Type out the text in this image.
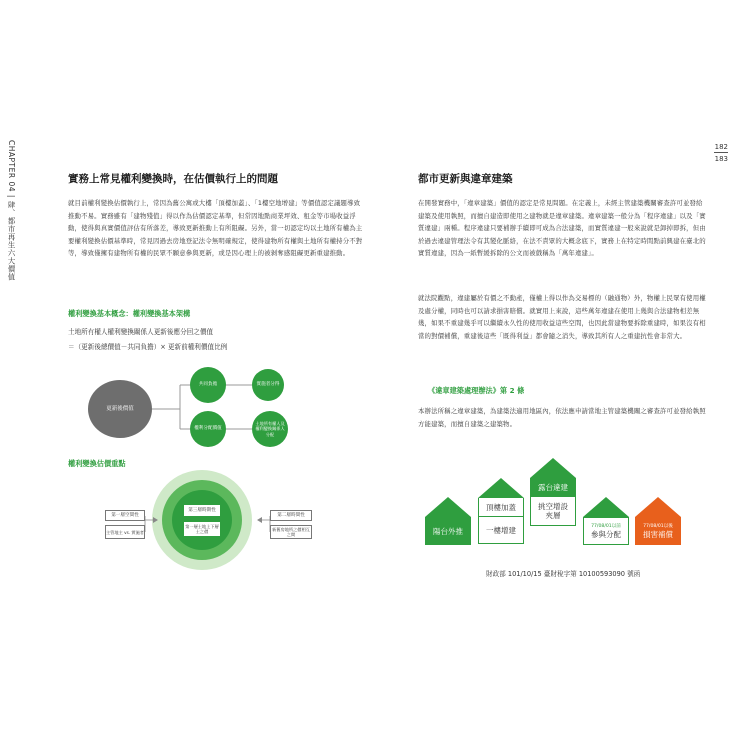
CHAPTER 04 | 肆、都市再生六大價值	182
183
實務上常見權利變換時，在估價執行上的問題
就目前權利變換估價執行上，常因為舊公寓或大樓「頂樓加蓋」、「1樓空地增建」等價值認定議題導致推動不易。實務雖有「建物殘值」得以作為估價認定基準，但常因地點商業坪效、租金等市場收益浮動，使得與真實價值評估有所落差，導致更新推動上有所阻礙。另外，當一切認定均以土地所有權為主要權利變換估價基準時，常見因過去房地登記法令無明確規定，使得建物所有權與土地所有權持分不對等，導致僅擁有建物所有權的民眾不願意參與更新，或是因心理上的被剝奪感阻礙更新重建推動。
權利變換基本概念：權利變換基本架構
土地所有權人權利變換關係人更新後應分回之價值
＝（更新後總價值－共同負擔）× 更新前權利價值比例
更新後價值
共同負擔
權利分配價值
實施者分得
土地所有權人及權利變換關係人分配
權利變換估價重點
第三層時期性
第一層土地上下層土之價
第一層空間性
主管地主 vs. 實施者
第二層時間性
新舊房地所之價相互之間
都市更新與違章建築
在開發實務中，「違章建築」價值的認定是常見問題。在定義上，未經主管建築機關審查許可並發給建築及使用執照，而擅自建造即使用之建物就是違章建築。違章建築一般分為「程序違建」以及「實質違建」兩種。程序違建只要補辦手續即可成為合法建築，而實質違建一般來說就是卸掉即拆，但由於過去違建管理法令有其變化脈絡，在法不責眾的大概念底下，實務上在特定時間點前興建在臺北的實質違建，因為一紙暫緩拆除的公文而被戲稱為「萬年違建」。
就法院觀點，違建屬於有價之不動產，僅權上得以作為交易標的（融通物）外，物權上民眾有使用權及處分權，同時也可以請求損害賠償。就實用上來說，這些萬年違建在使用上幾與合法建物相差無幾，如果不重建幾乎可以繼續永久性的使用收益這些空間，也因此當建物要拆除重建時，如果沒有相當的對價補償，重建後這些「既得利益」都會隨之消失，導致其所有人之重建抗性會非常大。
《違章建築處理辦法》第 2 條
本辦法所稱之違章建築，為建築法適用地區內，依法應申請當地主管建築機關之審查許可並發給執照方能建築，而擅自建築之建築物。
陽台外推
頂樓加蓋
一樓增建
露台違建
挑空增設夾層
77/08/01以前
參與分配
77/08/01以後
損害補償
財政部 101/10/15 臺財稅字第 10100593090 號函
